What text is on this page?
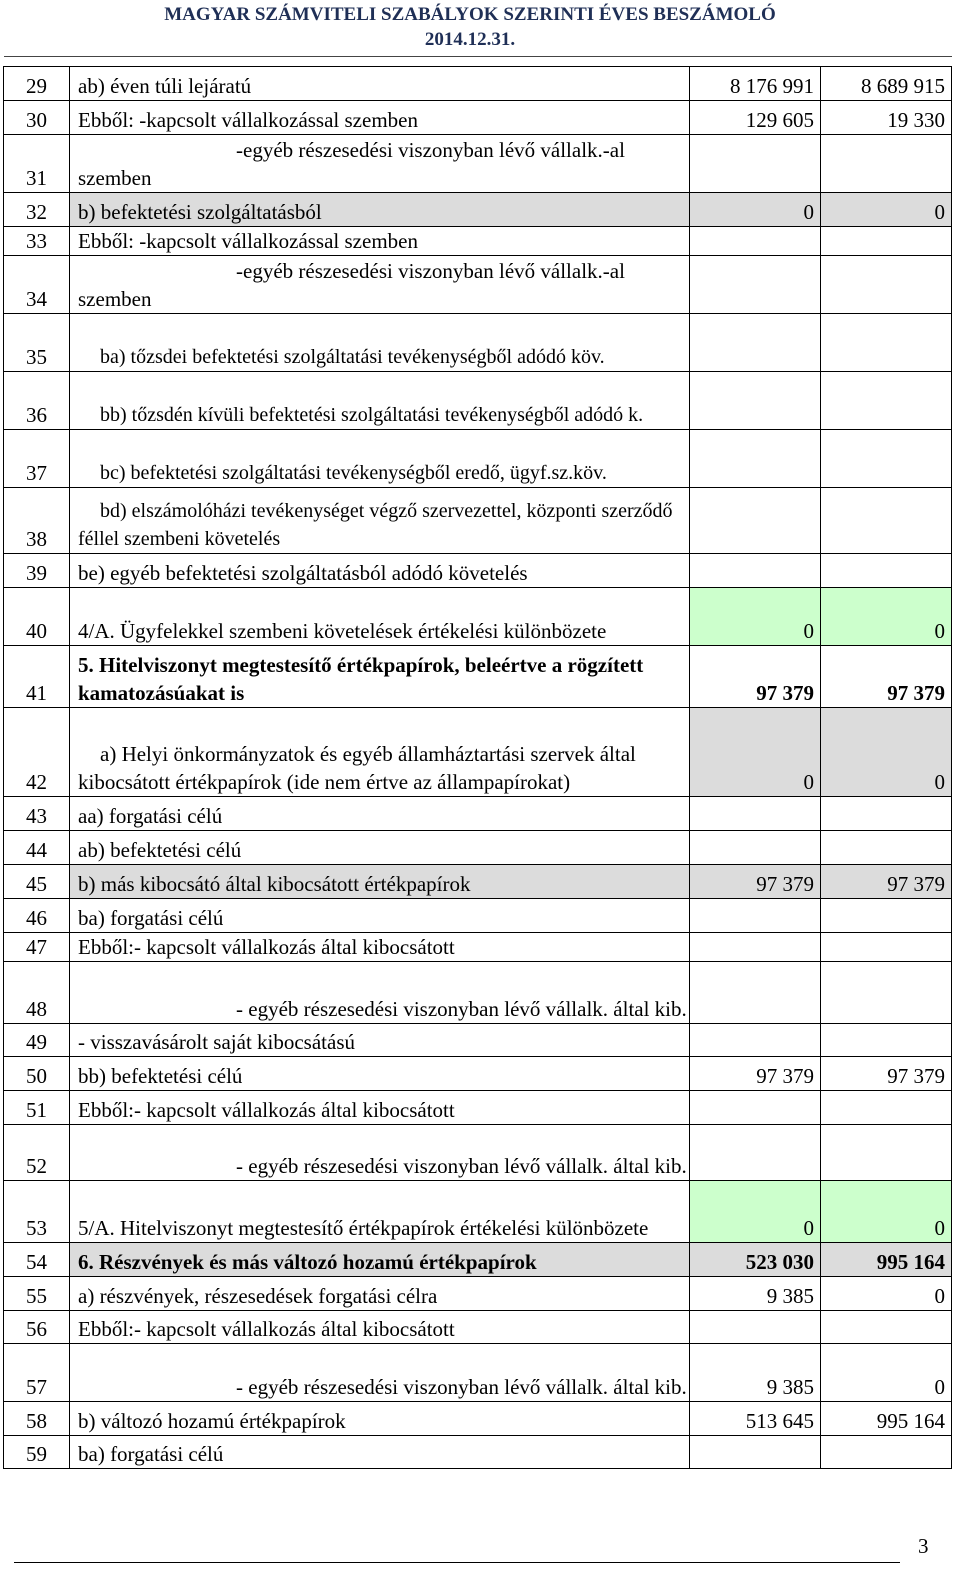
MAGYAR SZÁMVITELI SZABÁLYOK SZERINTI ÉVES BESZÁMOLÓ
2014.12.31.
29	ab) éven túli lejáratú	8 176 991	8 689 915
30	Ebből: -kapcsolt vállalkozással szemben	129 605	19 330
31	-egyéb részesedési viszonyban lévő vállalk.-al szemben		
32	b) befektetési szolgáltatásból	0	0
33	Ebből: -kapcsolt vállalkozással szemben		
34	-egyéb részesedési viszonyban lévő vállalk.-al szemben		
35	ba) tőzsdei befektetési szolgáltatási tevékenységből adódó köv.		
36	bb) tőzsdén kívüli befektetési szolgáltatási tevékenységből adódó k.		
37	bc) befektetési szolgáltatási tevékenységből eredő, ügyf.sz.köv.		
38	bd) elszámolóházi tevékenységet végző szervezettel, központi szerződő féllel szembeni követelés		
39	be) egyéb befektetési szolgáltatásból adódó követelés		
40	4/A. Ügyfelekkel szembeni követelések értékelési különbözete	0	0
41	5. Hitelviszonyt megtestesítő értékpapírok, beleértve a rögzített kamatozásúakat is	97 379	97 379
42	a) Helyi önkormányzatok és egyéb államháztartási szervek által kibocsátott értékpapírok (ide nem értve az állampapírokat)	0	0
43	aa) forgatási célú		
44	ab) befektetési célú		
45	b) más kibocsátó által kibocsátott értékpapírok	97 379	97 379
46	ba) forgatási célú		
47	Ebből:- kapcsolt vállalkozás által kibocsátott		
48	- egyéb részesedési viszonyban lévő vállalk. által kib.		
49	- visszavásárolt saját kibocsátású		
50	bb) befektetési célú	97 379	97 379
51	Ebből:- kapcsolt vállalkozás által kibocsátott		
52	- egyéb részesedési viszonyban lévő vállalk. által kib.		
53	5/A. Hitelviszonyt megtestesítő értékpapírok értékelési különbözete	0	0
54	6. Részvények és más változó hozamú értékpapírok	523 030	995 164
55	a) részvények, részesedések forgatási célra	9 385	0
56	Ebből:- kapcsolt vállalkozás által kibocsátott		
57	- egyéb részesedési viszonyban lévő vállalk. által kib.	9 385	0
58	b) változó hozamú értékpapírok	513 645	995 164
59	ba) forgatási célú		
3
